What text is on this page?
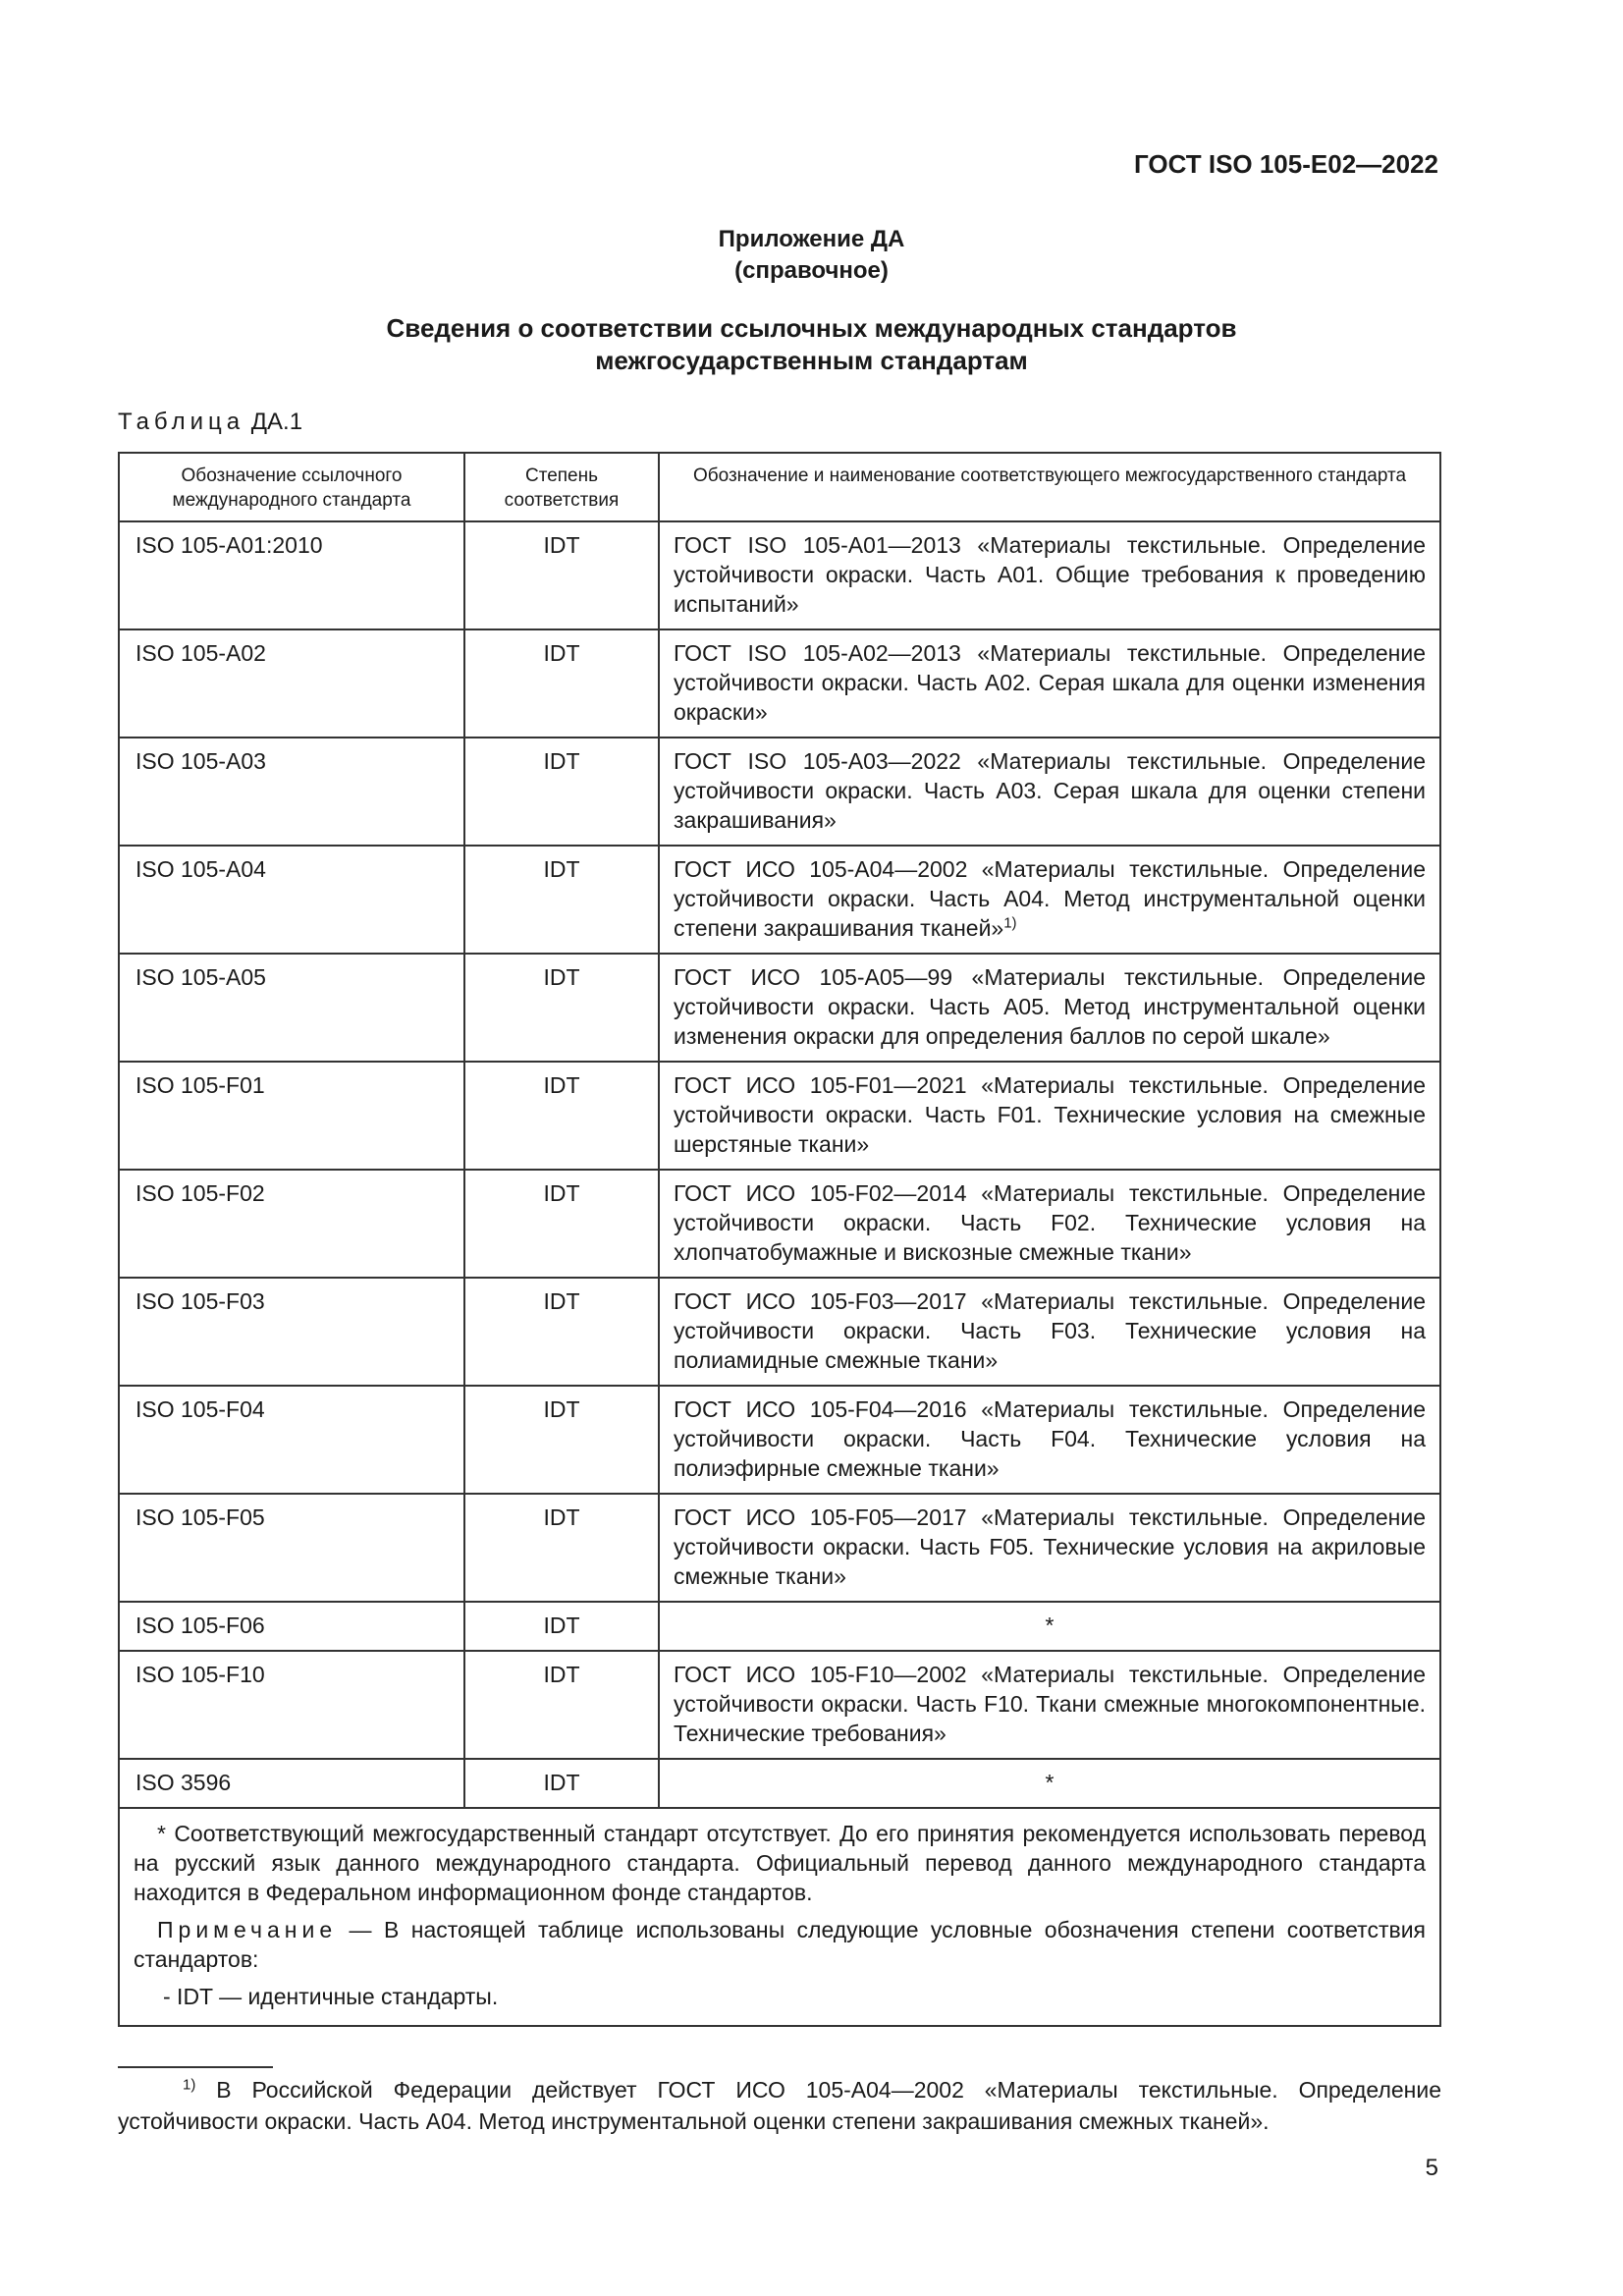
ГОСТ ISO 105-E02—2022
Приложение ДА
(справочное)
Сведения о соответствии ссылочных международных стандартов
межгосударственным стандартам
Таблица ДА.1
Обозначение ссылочного международного стандарта	Степень соответствия	Обозначение и наименование соответствующего межгосударственного стандарта
ISO 105-A01:2010	IDT	ГОСТ ISO 105-A01—2013 «Материалы текстильные. Определение устойчивости окраски. Часть А01. Общие требования к проведению испытаний»
ISO 105-A02	IDT	ГОСТ ISO 105-A02—2013 «Материалы текстильные. Определение устойчивости окраски. Часть А02. Серая шкала для оценки изменения окраски»
ISO 105-A03	IDT	ГОСТ ISO 105-A03—2022 «Материалы текстильные. Определение устойчивости окраски. Часть А03. Серая шкала для оценки степени закрашивания»
ISO 105-A04	IDT	ГОСТ ИСО 105-A04—2002 «Материалы текстильные. Определение устойчивости окраски. Часть А04. Метод инструментальной оценки степени закрашивания тканей»$^{1)}$
ISO 105-A05	IDT	ГОСТ ИСО 105-A05—99 «Материалы текстильные. Определение устойчивости окраски. Часть А05. Метод инструментальной оценки изменения окраски для определения баллов по серой шкале»
ISO 105-F01	IDT	ГОСТ ИСО 105-F01—2021 «Материалы текстильные. Определение устойчивости окраски. Часть F01. Технические условия на смежные шерстяные ткани»
ISO 105-F02	IDT	ГОСТ ИСО 105-F02—2014 «Материалы текстильные. Определение устойчивости окраски. Часть F02. Технические условия на хлопчатобумажные и вискозные смежные ткани»
ISO 105-F03	IDT	ГОСТ ИСО 105-F03—2017 «Материалы текстильные. Определение устойчивости окраски. Часть F03. Технические условия на полиамидные смежные ткани»
ISO 105-F04	IDT	ГОСТ ИСО 105-F04—2016 «Материалы текстильные. Определение устойчивости окраски. Часть F04. Технические условия на полиэфирные смежные ткани»
ISO 105-F05	IDT	ГОСТ ИСО 105-F05—2017 «Материалы текстильные. Определение устойчивости окраски. Часть F05. Технические условия на акриловые смежные ткани»
ISO 105-F06	IDT	*
ISO 105-F10	IDT	ГОСТ ИСО 105-F10—2002 «Материалы текстильные. Определение устойчивости окраски. Часть F10. Ткани смежные многокомпонентные. Технические требования»
ISO 3596	IDT	*

* Соответствующий межгосударственный стандарт отсутствует. До его принятия рекомендуется использовать перевод на русский язык данного международного стандарта. Официальный перевод данного международного стандарта находится в Федеральном информационном фонде стандартов.

Примечание — В настоящей таблице использованы следующие условные обозначения степени соответствия стандартов:

- IDT — идентичные стандарты.		

$^{1)}$ В Российской Федерации действует ГОСТ ИСО 105-A04—2002 «Материалы текстильные. Определение устойчивости окраски. Часть А04. Метод инструментальной оценки степени закрашивания смежных тканей».
5
